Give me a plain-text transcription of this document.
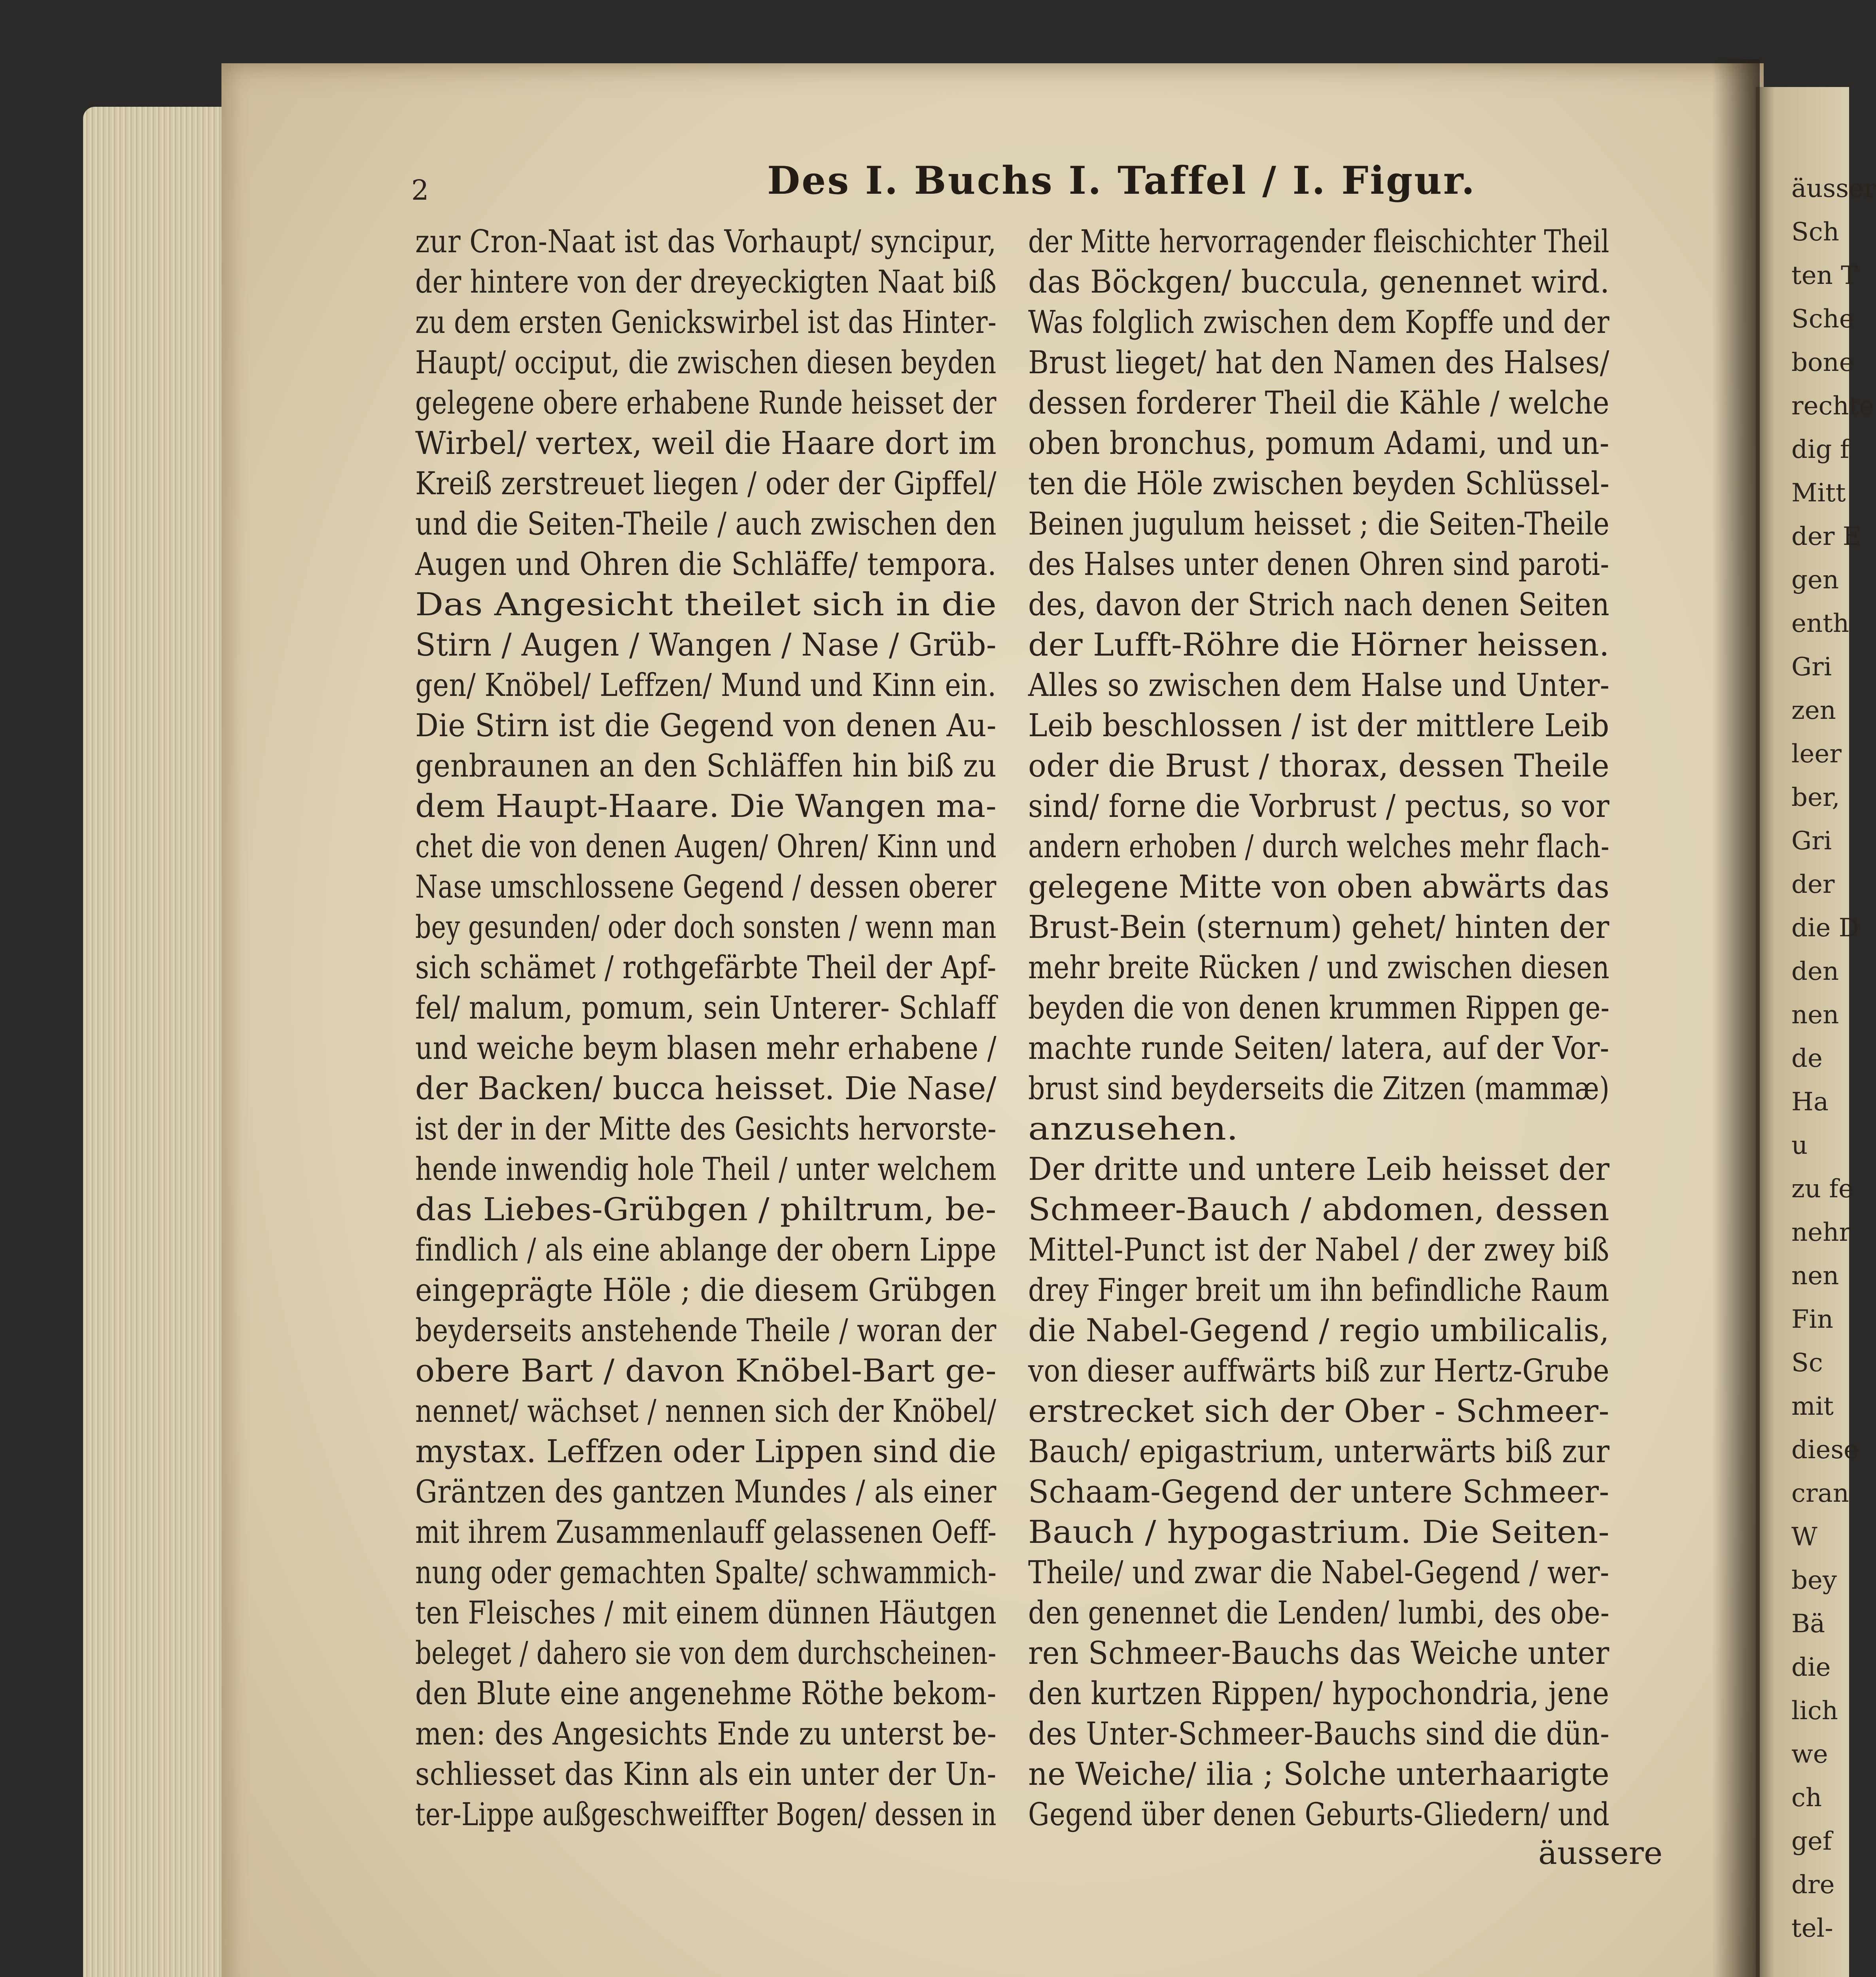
2	Des I. Buchs I. Taffel / I. Figur.
zur Cron-Naat ist das Vorhaupt/ syncipur,
der hintere von der dreyeckigten Naat biß
zu dem ersten Genickswirbel ist das Hinter-
Haupt/ occiput, die zwischen diesen beyden
gelegene obere erhabene Runde heisset der
Wirbel/ vertex, weil die Haare dort im
Kreiß zerstreuet liegen / oder der Gipffel/
und die Seiten-Theile / auch zwischen den
Augen und Ohren die Schläffe/ tempora.
Das Angesicht theilet sich in die
Stirn / Augen / Wangen / Nase / Grüb-
gen/ Knöbel/ Leffzen/ Mund und Kinn ein.
Die Stirn ist die Gegend von denen Au-
genbraunen an den Schläffen hin biß zu
dem Haupt-Haare. Die Wangen ma-
chet die von denen Augen/ Ohren/ Kinn und
Nase umschlossene Gegend / dessen oberer
bey gesunden/ oder doch sonsten / wenn man
sich schämet / rothgefärbte Theil der Apf-
fel/ malum, pomum, sein Unterer- Schlaff
und weiche beym blasen mehr erhabene /
der Backen/ bucca heisset. Die Nase/
ist der in der Mitte des Gesichts hervorste-
hende inwendig hole Theil / unter welchem
das Liebes-Grübgen / philtrum, be-
findlich / als eine ablange der obern Lippe
eingeprägte Höle ; die diesem Grübgen
beyderseits anstehende Theile / woran der
obere Bart / davon Knöbel-Bart ge-
nennet/ wächset / nennen sich der Knöbel/
mystax. Leffzen oder Lippen sind die
Gräntzen des gantzen Mundes / als einer
mit ihrem Zusammenlauff gelassenen Oeff-
nung oder gemachten Spalte/ schwammich-
ten Fleisches / mit einem dünnen Häutgen
beleget / dahero sie von dem durchscheinen-
den Blute eine angenehme Röthe bekom-
men: des Angesichts Ende zu unterst be-
schliesset das Kinn als ein unter der Un-
ter-Lippe außgeschweiffter Bogen/ dessen in
der Mitte hervorragender fleischichter Theil
das Böckgen/ buccula, genennet wird.
Was folglich zwischen dem Kopffe und der
Brust lieget/ hat den Namen des Halses/
dessen forderer Theil die Kähle / welche
oben bronchus, pomum Adami, und un-
ten die Höle zwischen beyden Schlüssel-
Beinen jugulum heisset ; die Seiten-Theile
des Halses unter denen Ohren sind paroti-
des, davon der Strich nach denen Seiten
der Lufft-Röhre die Hörner heissen.
Alles so zwischen dem Halse und Unter-
Leib beschlossen / ist der mittlere Leib
oder die Brust / thorax, dessen Theile
sind/ forne die Vorbrust / pectus, so vor
andern erhoben / durch welches mehr flach-
gelegene Mitte von oben abwärts das
Brust-Bein (sternum) gehet/ hinten der
mehr breite Rücken / und zwischen diesen
beyden die von denen krummen Rippen ge-
machte runde Seiten/ latera, auf der Vor-
brust sind beyderseits die Zitzen (mammæ)
anzusehen.
Der dritte und untere Leib heisset der
Schmeer-Bauch / abdomen, dessen
Mittel-Punct ist der Nabel / der zwey biß
drey Finger breit um ihn befindliche Raum
die Nabel-Gegend / regio umbilicalis,
von dieser auffwärts biß zur Hertz-Grube
erstrecket sich der Ober - Schmeer-
Bauch/ epigastrium, unterwärts biß zur
Schaam-Gegend der untere Schmeer-
Bauch / hypogastrium. Die Seiten-
Theile/ und zwar die Nabel-Gegend / wer-
den genennet die Lenden/ lumbi, des obe-
ren Schmeer-Bauchs das Weiche unter
den kurtzen Rippen/ hypochondria, jene
des Unter-Schmeer-Bauchs sind die dün-
ne Weiche/ ilia ; Solche unterhaarigte
Gegend über denen Geburts-Gliedern/ und
äussere
äusser
Sch
ten T
Sche
bone
rechte
dig f
Mitt
der E
gen
enth
Gri
zen
leer
ber,
Gri
der
die D
den
nen
de
Ha
u
zu fe
nehr
nen
Fin
Sc
mit
diese
cran
W
bey
Bä
die
lich
we
ch
gef
dre
tel-
